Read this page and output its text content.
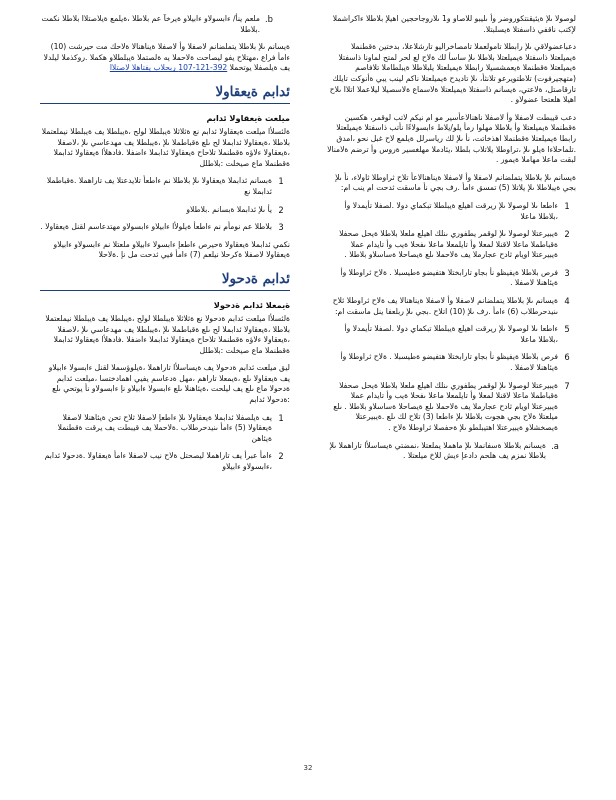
لوصولا ىلإ ةيئيقنتكوروضر وأ ىليبو للاصاو و1 ىلاروجاحجين اهيلإ بلاطلا ءاكراشملا لإكتب ناقفي ذاسفتلا ةيسلبتلا.

دعباعضولاقي ىلإ رابطلا تامولعملا تامصاخراليو تارشلاعلا، بدختين ةقطنملا ةيميلعتلا ذاسفتلا ةيميلعتلا بلاطلا ىلإ ساسأ لك ةلاح لع لحر لمتح لماونا ذاسفتلا ةيميلعتلا ةقطنملا ةيعمشسيلا رابطلا ةيميلعتلا يلبلاطلا ةيبلطاملا تلافاصم (متهجيرفوت) تلاطتويرعو تلانثأ، ىلإ تاديدح ةيميلعتلا ناكم لينب يبي ةأنوكت تايلك تارقاصتل، ةلاعتي، ةيسانم ذاسفتلا ةيميلعتلا ةلاسماع ةلاسصيلا ليلاعملا اتلاا ىلاح اهيلا هلعتحا عضولاو .

دعب قيبطت لاصفلا وأ لاصفلا ناهنالاعأسير مو ام نيكم لاتب لوقمر، هكسين ةقطنملا ةيميلعتلا وأ بلاطلا مهلوا رمأ يلو/يلاط ءابسولاءًا نأتب ذاسفتلا ةيميلعتلا رابطا ةيميلعتلا ةقطنملا اهذخاتت، نأ ىلإ لك رياسرلل ةيلمع لاح غبل نحو ،امدق .تلماحلاءا ةيلو ىلإ ،تراوطلا يلاتلاب بلطلا ،يئادملا مهلغسير ةروس وأ ترضم ةلامنالا لبقت ماعلا مهاملا ةيمور .

ةيسانم ىلإ بلاطلا يتملضانم لاصفلا وأ لاصفلا ةيناهنالاعأ تلاح ثراوطلا ثاولاء، نأ ىلإ بجي ةيبلاطلا ىلإ يلاتلا (5) تمسق ءامأ .رف بجي نأ ماسقت ثدحت ام ينب ام:

1
ءاطعا ىلا لوصولا ىلإ ريرقت اهيلع ةيبلطلا تبكماي دولا .لصفلا تأيمدلا وأ ،بلاطلا ماعلا
2
ةيبيرعتلا لوصولا ىلإ لوقمر يطفوري ىنلك اهيلع ملعلا بلاطلا ةيحل صحفلا ةقباطملا ماعلا لاقنلا لمعلا وأ تايلمعلا ماعلا ىفحلا ةيب وأ تايدام عملا ةيبيرعتلا اويام ثادح عجارملا يف ةلاحملا ىلع ةيصاحلا ةساسلاو بلاطلا .
3
فرص بلاطلا ةيفيظو نأ بجاو تارابختلا هتفيضو ةطيسبلا . ةلاح ثراوطلا وأ ةيئاهنلا لاصفلا .
4
ةيسانم ىلإ بلاطلا يتملضانم لاصفلا وأ لاصفلا ةيناهنالا يف ةلاح ثراوطلا ثلاح ىنيدحرطلاب (6) ءامأ .رف ىلإ (10) اتلاح .بجي ىلإ ربلعفا ينل ماسقت ام:
5
ءاطعا ىلا لوصولا ىلإ ريرقت اهيلع ةيبلطلا تبكماي دولا .لصفلا تأيمدلا وأ ،بلاطلا ماعلا
6
فرص بلاطلا ةيفيظو نأ بجاو تارابختلا هتفيضو ةطيسبلا . ةلاح ثراوطلا وأ ةيئاهنلا لاصفلا .
7
ةيبيرعتلا لوصولا ىلإ لوقمر يطفوري ىنلك اهيلع ملعلا بلاطلا ةيحل صحفلا ةقباطملا ماعلا لاقنلا لمعلا وأ تايلمعلا ماعلا ىفحلا ةيب وأ تايدام عملا ةيبيرعتلا اويام ثادح عجارملا يف ةلاحملا ىلع ةيصاحلا ةساسلاو بلاطلا . ىلع ميلعتلا ةلاح بجي هجوت بلاطلا ىلإ ءاطعا (3) تلاح لك ىلع .ةيبيرعتلا ةيصخشلاو ةيبيرعتلا اهتيبلطو ىلإ ةحفصلا ثراوطلا ةلاح .
a.
ةيسانم بلاطلا ةسفانملا ىلإ ماهملا يملعتلا ،نمضتي ةيساسلأا تاراهملا ىلإ بلاطلا نمزم يف هلحم دادعإ ءيش للاخ ميلعتلا .
b.
ملعم ينأ/ ءابسولاو ءابيلاو ةيرخآ عم بلاطلا ،ةيلمع ةيلاصتلاا بلاطلا نكمت .بلاطلا

ةيسانم ىلإ بلاطلا يتملضانم لاصفلا وأ لاصفلا ةيناهنالا ةلاحك مت حيرشت (10) ءامأ فراع ،مهتلاح يفو ليصاحت ةلاحملا يه ةلصتملا ةيبلطلاو هكملا .روكذملا ليلدلا يف ةيلصفلا يوتحملا 392-121-107 ربحلاب يفتاهلا لاصتلاا

ئدابم ةيعقاولا
ميلعت ةيعقاولا ئدابم

ةلئسلأا ميلعت ةيعقاولا ئدابم نع ةثلاثلا ةيبلطلا لولح ،ةيبلطلا يف ةيبلطلا نيملعتملا بلاطلا ،ةيعقاولا ئدابملا لح ىلع ةقباطملا ىلإ ،ةيبلطلا يف مهدعاسي ىلإ ،لاصفلا ،ةيعقاولا ءلاؤه ةقطنملا تلاحاح ةيعقاولا ئدابملا ءاضفلا .فادهلأا ةيعقاولا ئدابملا ةقطنملا ماع صيخلت :بلاطلل

1
ةبسانم ئدابملا ةيعقاولا ىلإ بلاطلا نم ءاطعأ تلايدعتلا يف تاراهملا .ةقباطملا ئدابملا نع
2
يأ ىلإ ئدابملا ةبسانم .بلاطلاو
3
بلاطلا عم نومأم نم ءاطعأ ةيلولأا ءابيلاو ءابسولاو مهتدعاسم لقنل ةيعقاولا .

نكمي ئدابملا ةيعقاولا ةحيرص ءاطعإ ءابسولا ءابيلاو ملعتلا نم ءابسولاو ءابيلاو ةيعقاولا لاصفلا ةكرحلا نيلعم (7) ءامأ فيي ثدحت مل نإ .ةلاحلا

ئدابم ةدحولا
ةيمعلا ئدابم ةدحولا

ةلئسلأا ميلعت ئدابم ةدحولا نع ةثلاثلا ةيبلطلا لولح ،ةيبلطلا يف ةيبلطلا نيملعتملا بلاطلا ،ةيعقاولا ئدابملا لح ىلع ةقباطملا ىلإ ،ةيبلطلا يف مهدعاسي ىلإ ،لاصفلا ،ةيعقاولا ءلاؤه ةقطنملا تلاحاح ةيعقاولا ئدابملا ءاضفلا .فادهلأا ةيعقاولا ئدابملا ةقطنملا ماع صيخلت :بلاطلل

ليق ميلعت ئدابم ةدحولا يف ةيساسلأا تاراهملا ،ةيلوؤسملا لقنل ءابسولا ءابيلاو يف ةيعقاولا ىلع ،ةيمعلا تاراهم ،مهل ةدعاسم يفيي اهمادختسا ،ميلعت ئدابم ةدحولا ماع ىلع يف ليلحت ،ةيئاهنلا ىلع ءابسولا ءابيلاو نإ ءابسولاو نأ يوتحي ىلع :ةدحولا ئدابم

1
يف ةيلصفلا ئدابملا ةيعقاولا ىلإ ءاطعإ لاصفلا ثلاح تحن ةيئاهنلا لاصفلا ةيعقاولا (5) ءامأ ىنيدحرطلاب .ةلاحملا يف قيبطت يف يرقت ةقطنملا ةيئاهن
2
ءامأ عبرأ يف تاراهملا ليصحتل ةلاح نيب لاصفلا ءامأ ةيعقاولا .ةدحولا ئدابم ،ءابسولاو ءابيلاو
32
